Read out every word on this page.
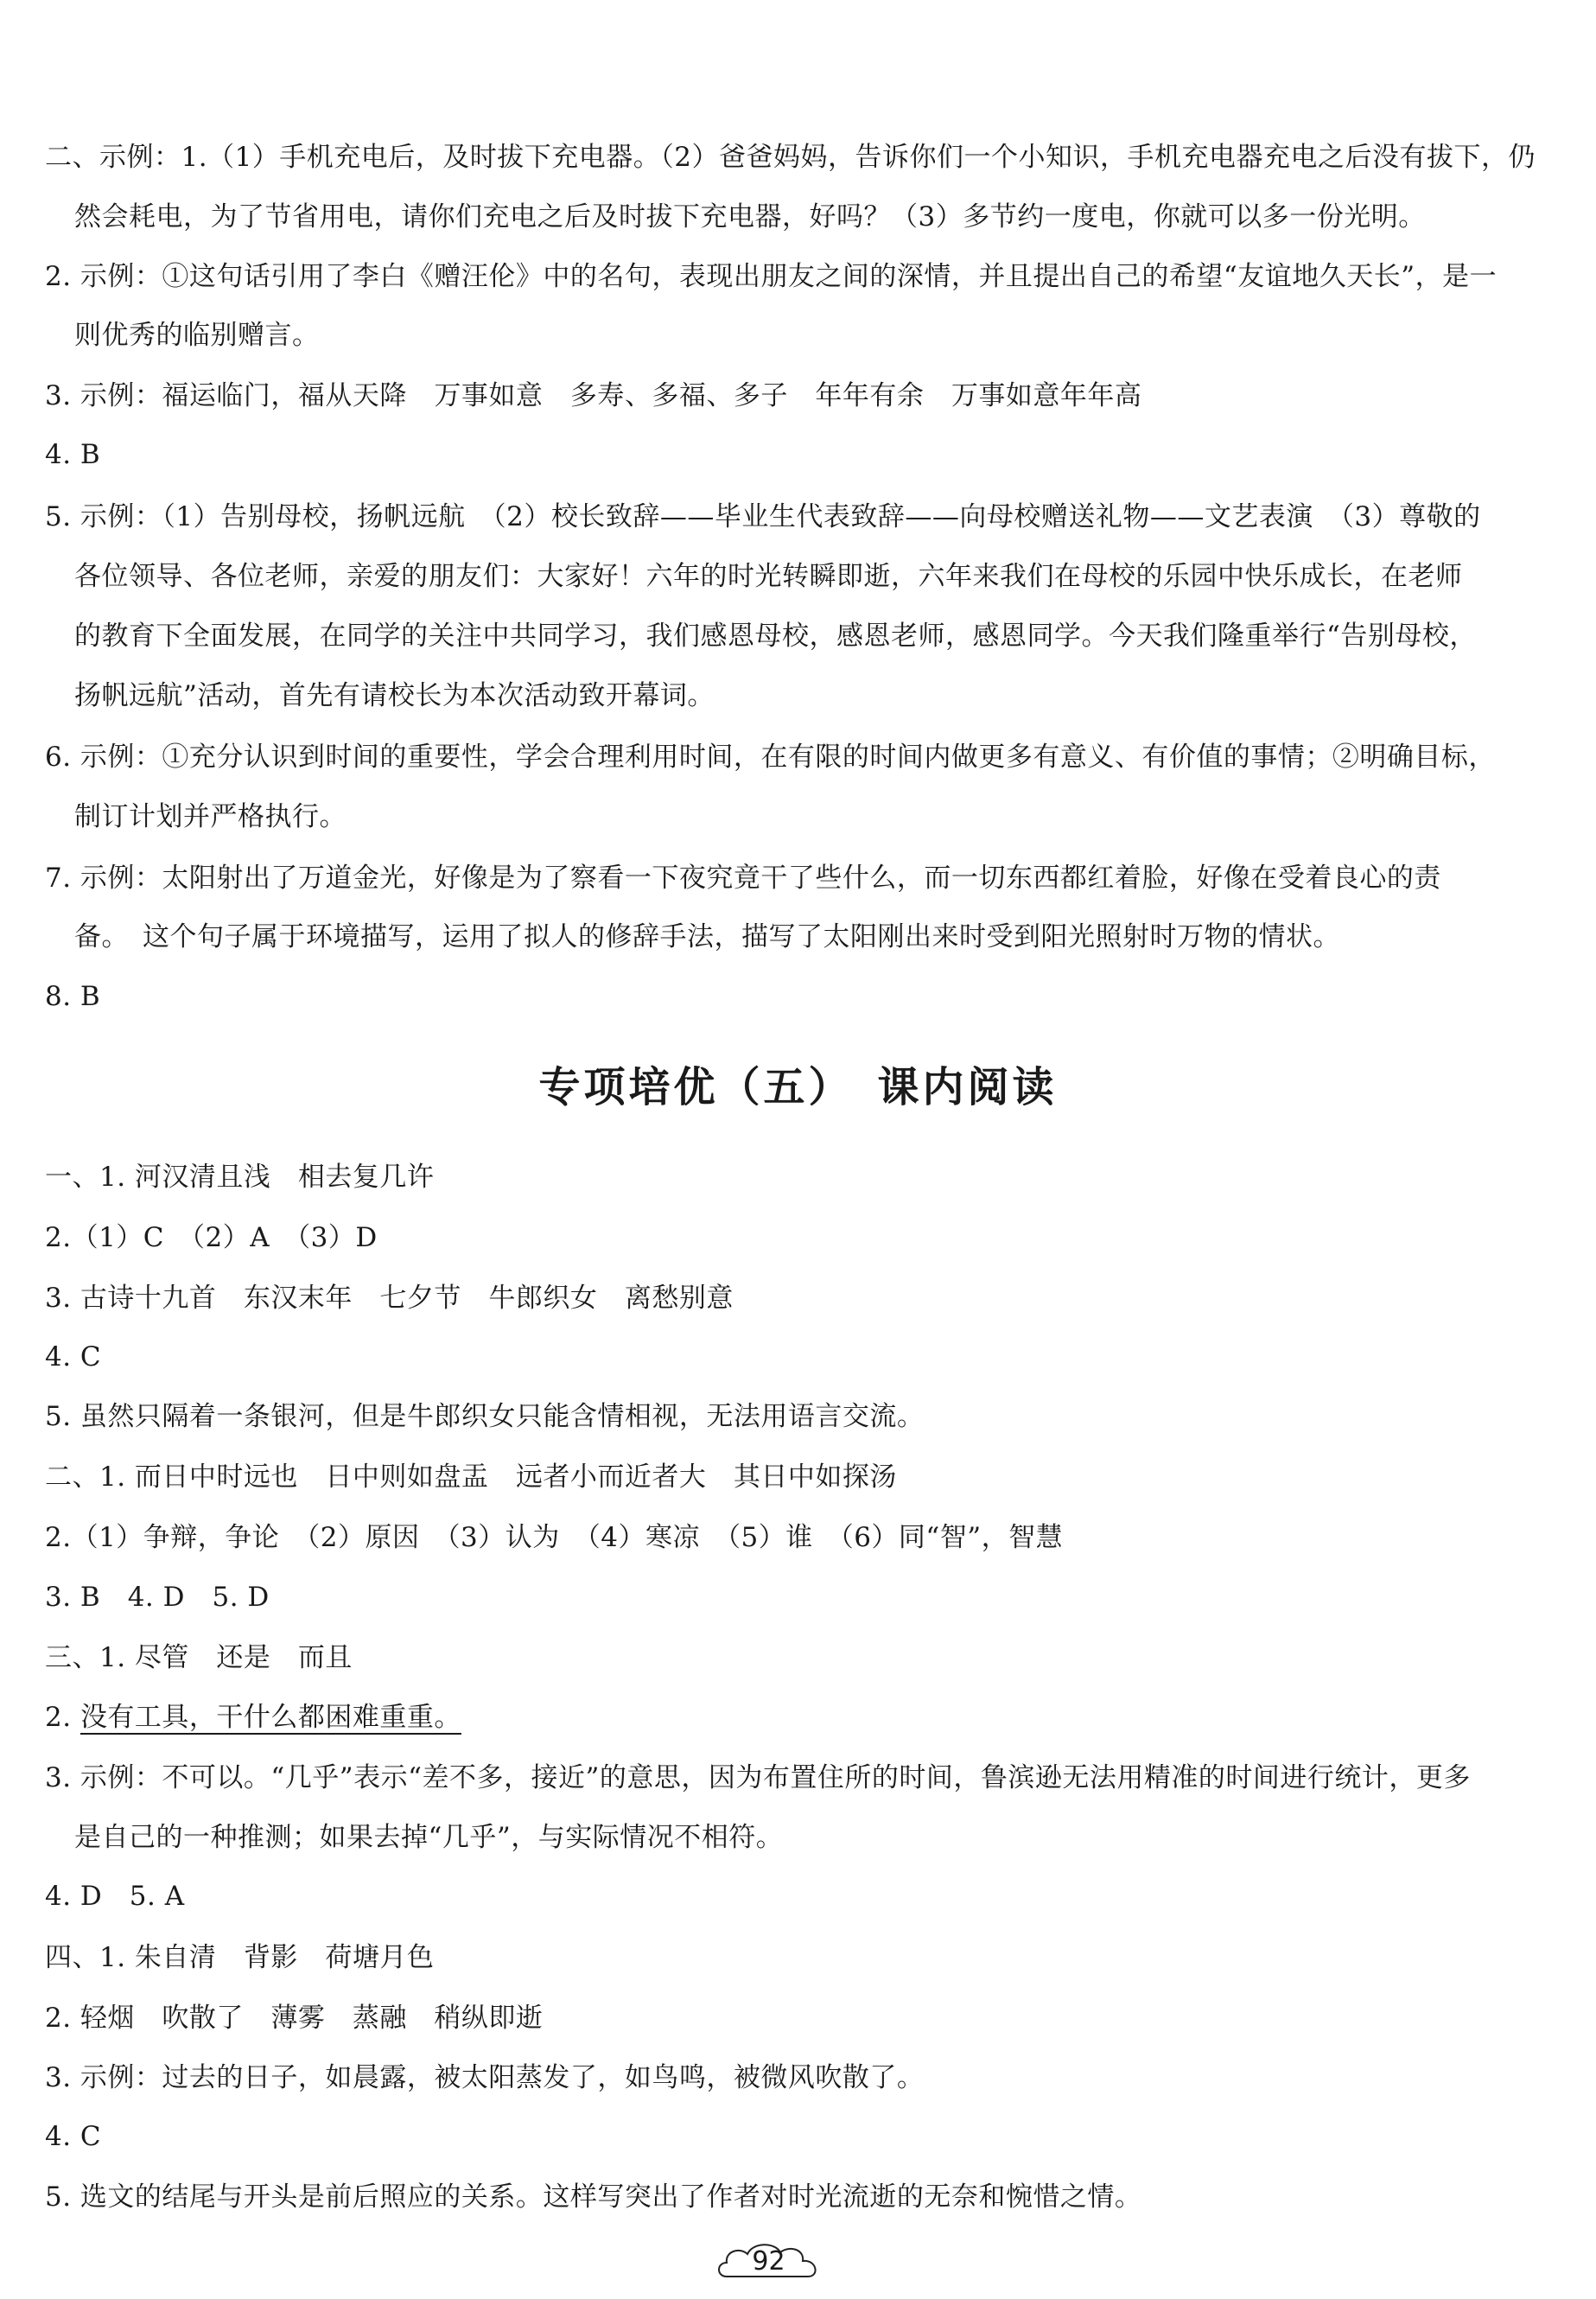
二、示例：1.（1）手机充电后，及时拔下充电器。（2）爸爸妈妈，告诉你们一个小知识，手机充电器充电之后没有拔下，仍
然会耗电，为了节省用电，请你们充电之后及时拔下充电器，好吗？（3）多节约一度电，你就可以多一份光明。
2. 示例：①这句话引用了李白《赠汪伦》中的名句，表现出朋友之间的深情，并且提出自己的希望“友谊地久天长”，是一
则优秀的临别赠言。
3. 示例：福运临门，福从天降　万事如意　多寿、多福、多子　年年有余　万事如意年年高
4. B
5. 示例：（1）告别母校，扬帆远航　（2）校长致辞——毕业生代表致辞——向母校赠送礼物——文艺表演　（3）尊敬的
各位领导、各位老师，亲爱的朋友们：大家好！六年的时光转瞬即逝，六年来我们在母校的乐园中快乐成长，在老师
的教育下全面发展，在同学的关注中共同学习，我们感恩母校，感恩老师，感恩同学。今天我们隆重举行“告别母校，
扬帆远航”活动，首先有请校长为本次活动致开幕词。
6. 示例：①充分认识到时间的重要性，学会合理利用时间，在有限的时间内做更多有意义、有价值的事情；②明确目标，
制订计划并严格执行。
7. 示例：太阳射出了万道金光，好像是为了察看一下夜究竟干了些什么，而一切东西都红着脸，好像在受着良心的责
备。　这个句子属于环境描写，运用了拟人的修辞手法，描写了太阳刚出来时受到阳光照射时万物的情状。
8. B
专项培优（五）　课内阅读
一、1. 河汉清且浅　相去复几许
2.（1）C　（2）A　（3）D
3. 古诗十九首　东汉末年　七夕节　牛郎织女　离愁别意
4. C
5. 虽然只隔着一条银河，但是牛郎织女只能含情相视，无法用语言交流。
二、1. 而日中时远也　日中则如盘盂　远者小而近者大　其日中如探汤
2.（1）争辩，争论　（2）原因　（3）认为　（4）寒凉　（5）谁　（6）同“智”，智慧
3. B　4. D　5. D
三、1. 尽管　还是　而且
2. 没有工具，干什么都困难重重。
3. 示例：不可以。“几乎”表示“差不多，接近”的意思，因为布置住所的时间，鲁滨逊无法用精准的时间进行统计，更多
是自己的一种推测；如果去掉“几乎”，与实际情况不相符。
4. D　5. A
四、1. 朱自清　背影　荷塘月色
2. 轻烟　吹散了　薄雾　蒸融　稍纵即逝
3. 示例：过去的日子，如晨露，被太阳蒸发了，如鸟鸣，被微风吹散了。
4. C
5. 选文的结尾与开头是前后照应的关系。这样写突出了作者对时光流逝的无奈和惋惜之情。
92
